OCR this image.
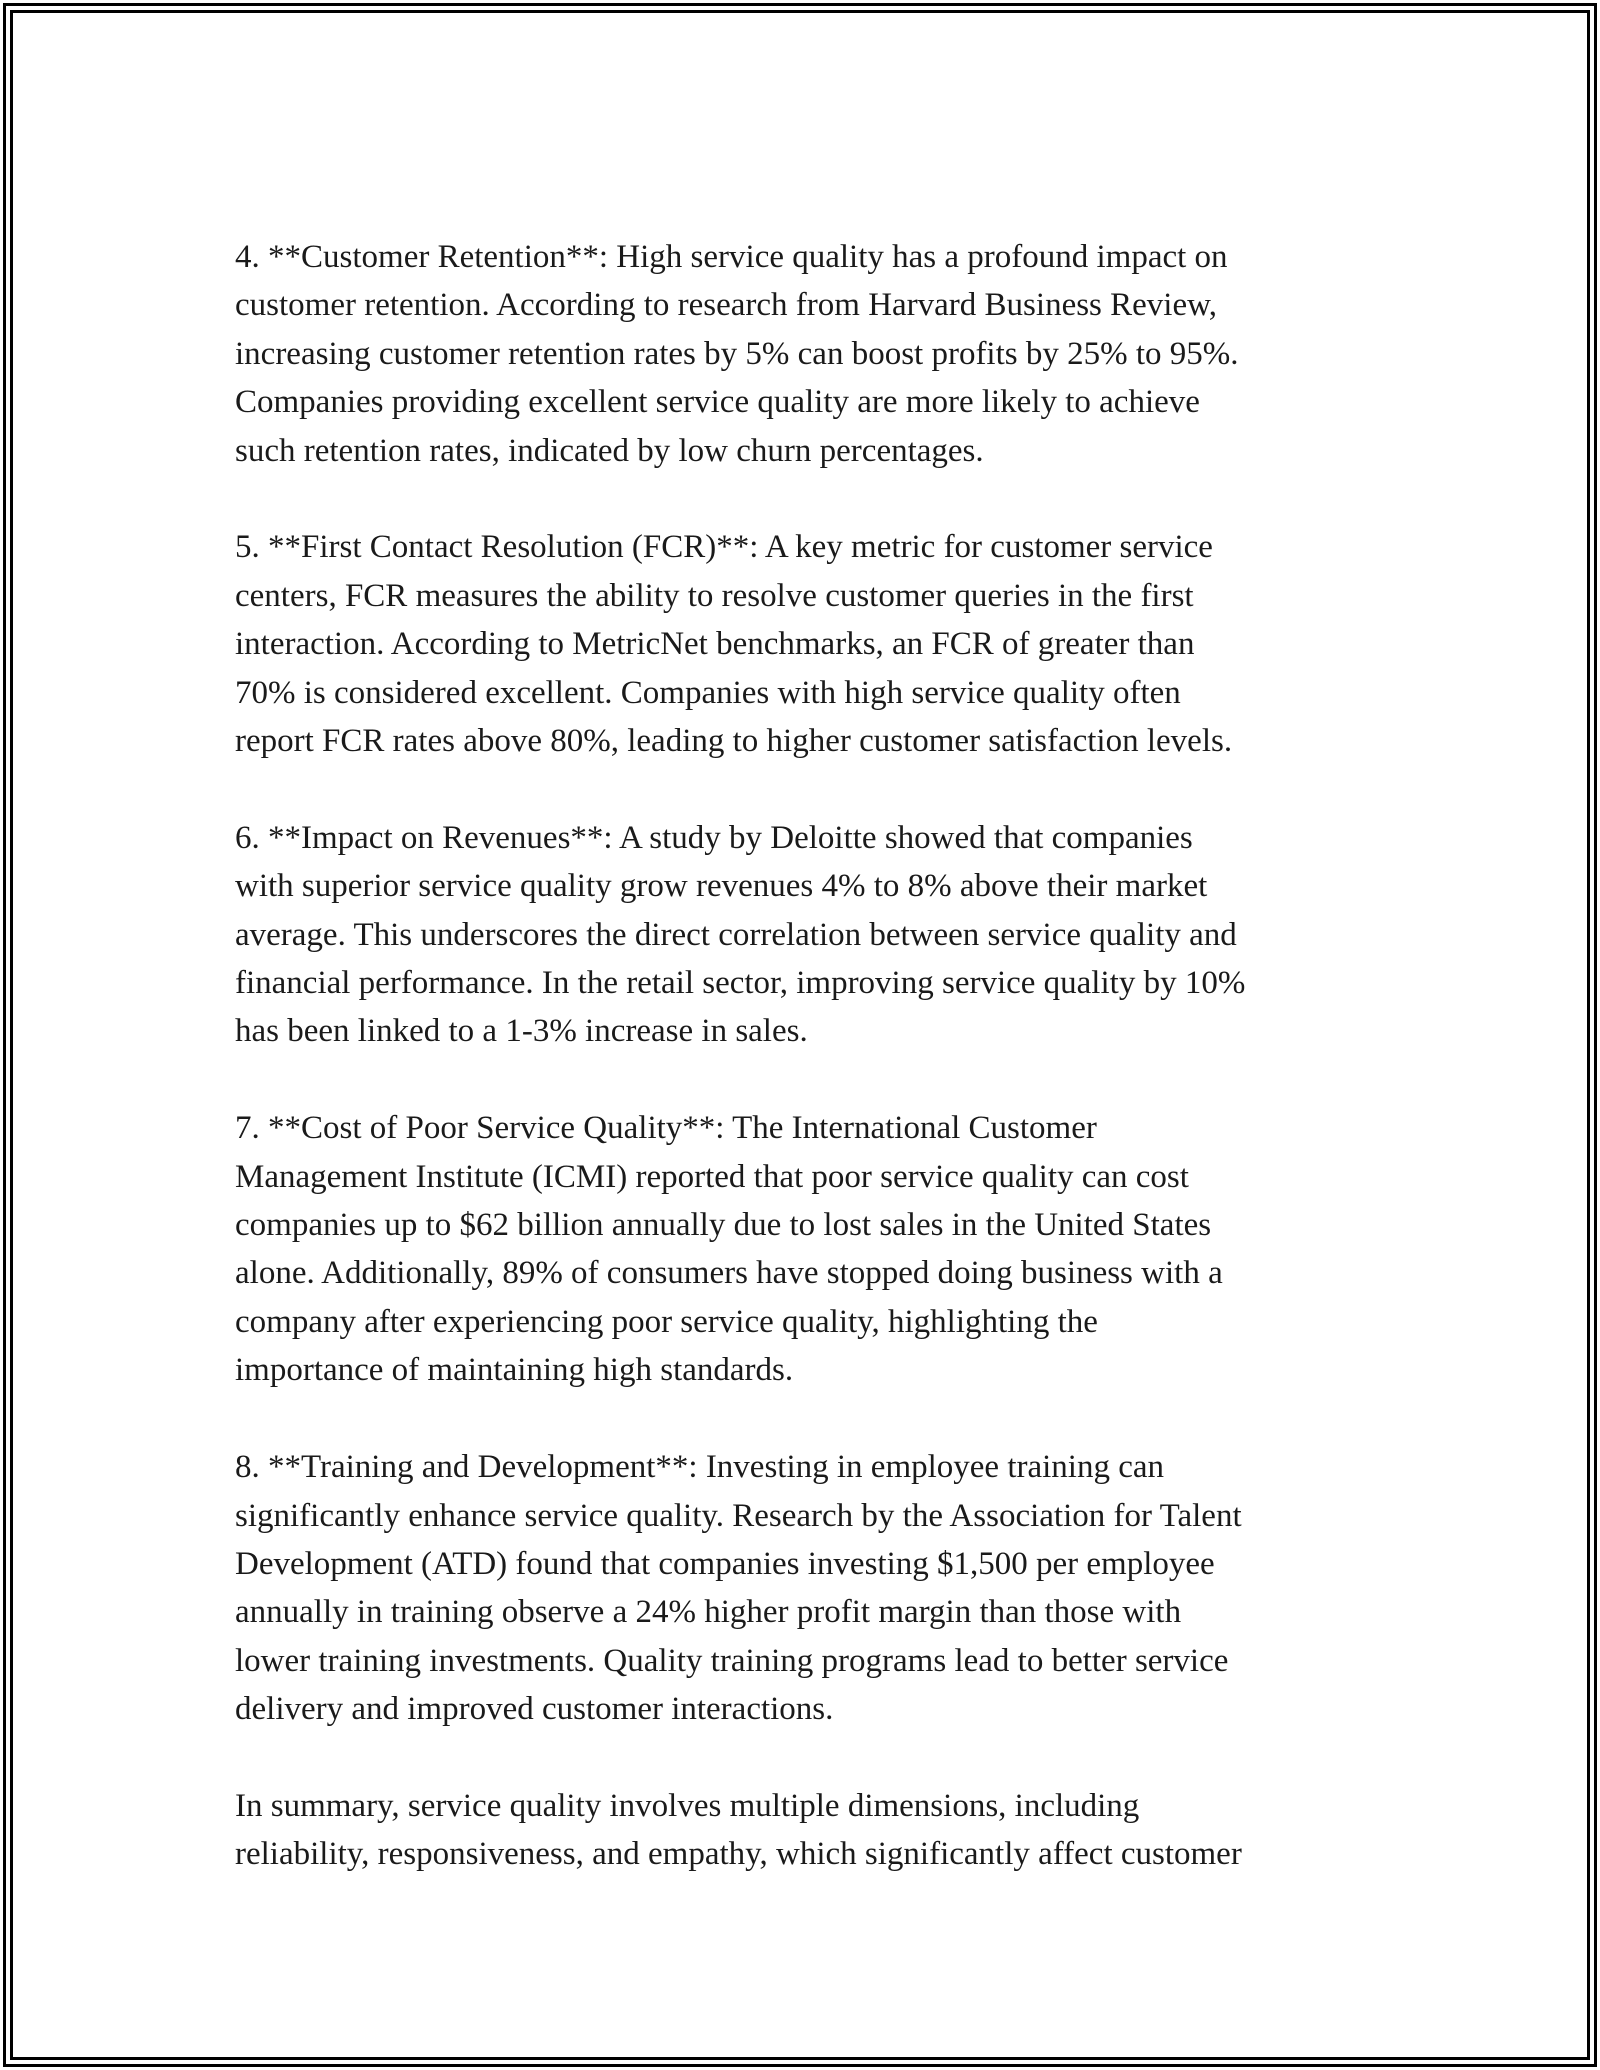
4. **Customer Retention**: High service quality has a profound impact on
customer retention. According to research from Harvard Business Review,
increasing customer retention rates by 5% can boost profits by 25% to 95%.
Companies providing excellent service quality are more likely to achieve
such retention rates, indicated by low churn percentages.

5. **First Contact Resolution (FCR)**: A key metric for customer service
centers, FCR measures the ability to resolve customer queries in the first
interaction. According to MetricNet benchmarks, an FCR of greater than
70% is considered excellent. Companies with high service quality often
report FCR rates above 80%, leading to higher customer satisfaction levels.

6. **Impact on Revenues**: A study by Deloitte showed that companies
with superior service quality grow revenues 4% to 8% above their market
average. This underscores the direct correlation between service quality and
financial performance. In the retail sector, improving service quality by 10%
has been linked to a 1-3% increase in sales.

7. **Cost of Poor Service Quality**: The International Customer
Management Institute (ICMI) reported that poor service quality can cost
companies up to $62 billion annually due to lost sales in the United States
alone. Additionally, 89% of consumers have stopped doing business with a
company after experiencing poor service quality, highlighting the
importance of maintaining high standards.

8. **Training and Development**: Investing in employee training can
significantly enhance service quality. Research by the Association for Talent
Development (ATD) found that companies investing $1,500 per employee
annually in training observe a 24% higher profit margin than those with
lower training investments. Quality training programs lead to better service
delivery and improved customer interactions.

In summary, service quality involves multiple dimensions, including
reliability, responsiveness, and empathy, which significantly affect customer
